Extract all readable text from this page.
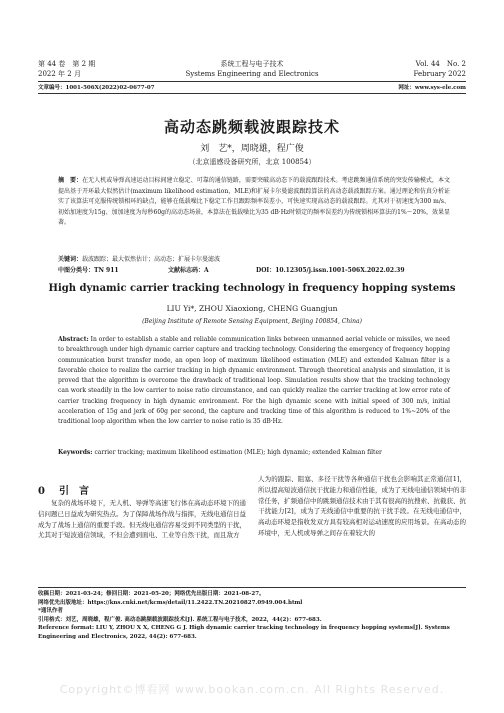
第 44 卷　第 2 期
2022 年 2 月
系统工程与电子技术
Systems Engineering and Electronics
Vol. 44　No. 2
February 2022
文章编号：1001-506X(2022)02-0677-07	网址：www.sys-ele.com
高动态跳频载波跟踪技术
刘　艺*，周晓雄，程广俊
（北京遥感设备研究所，北京 100854）
摘　要：在无人机或导弹高速运动目标间建立稳定、可靠的通信链路，需要突破高动态下的载波跟踪技术。考虑跳频通信系统的突发传输模式，本文提出基于开环最大似然估计(maximum likelihood estimation，MLE)和扩展卡尔曼滤波跟踪算法的高动态载波跟踪方案。通过理论和仿真分析证实了该算法可克服传统锁相环的缺点，能够在低载噪比下稳定工作且跟踪频率误差小，可快速实现高动态的载波跟踪。尤其对于初速度为300 m/s、初始加速度为15g、加加速度为每秒60g的高动态场景，本算法在低载噪比为35 dB·Hz时锁定的频率误差约为传统锁相环算法的1%～20%，效果显著。
关键词：载波跟踪；最大似然估计；高动态；扩展卡尔曼滤波
中图分类号：TN 911	文献标志码：A	DOI：10.12305/j.issn.1001-506X.2022.02.39
High dynamic carrier tracking technology in frequency hopping systems
LIU Yi*, ZHOU Xiaoxiong, CHENG Guangjun
(Beijing Institute of Remote Sensing Equipment, Beijing 100854, China)
Abstract: In order to establish a stable and reliable communication links between unmanned aerial vehicle or missiles, we need to breakthrough under high dynamic carrier capture and tracking technology. Considering the emergency of frequency hopping communication burst transfer mode, an open loop of maximum likelihood estimation (MLE) and extended Kalman filter is a favorable choice to realize the carrier tracking in high dynamic environment. Through theoretical analysis and simulation, it is proved that the algorithm is overcome the drawback of traditional loop. Simulation results show that the tracking technology can work steadily in the low carrier to noise ratio circumstance, and can quickly realize the carrier tracking at low error rate of carrier tracking frequency in high dynamic environment. For the high dynamic scene with initial speed of 300 m/s, initial acceleration of 15g and jerk of 60g per second, the capture and tracking time of this algorithm is reduced to 1%~20% of the traditional loop algorithm when the low carrier to noise ratio is 35 dB·Hz.
Keywords: carrier tracking; maximum likelihood estimation (MLE); high dynamic; extended Kalman filter
0 引　言
复杂的战场环境下，无人机、导弹等高速飞行体在高动态环境下的通信问题已日益成为研究热点。为了保障战场作战与指挥，无线电通信日益成为了战场上通信的重要手段。但无线电通信容易受到不同类型的干扰，尤其对于短波通信领域，不但会遭到面电、工业等自然干扰，而且敌方
人为的跟踪、阻塞、多径干扰等各种通信干扰也会影响其正常通信[1]，所以提高短波通信抗干扰能力和通信性能，成为了无线电通信领域中的非常任务，扩频通信中的跳频通信技术由于其有很高的抗搜索、抗截获、抗干扰能力[2]，成为了无线通信中重要的抗干扰手段。在无线电通信中，高动态环境是指收发双方具有较高相对运动速度的应用场景。在高动态的环境中，无人机或导弹之间存在着较大的
收稿日期：2021-03-24；修回日期：2021-05-20；网络优先出版日期：2021-08-27。
网络优先出版地址：https://kns.cnki.net/kcms/detail/11.2422.TN.20210827.0949.004.html
*通讯作者
引用格式：刘艺，周晓雄，程广俊. 高动态跳频载波跟踪技术[J]. 系统工程与电子技术，2022，44(2)：677-683.
Reference format: LIU Y, ZHOU X X, CHENG G J. High dynamic carrier tracking technology in frequency hopping systems[J]. Systems Engineering and Electronics, 2022, 44(2): 677-683.
Copyright©博看网 www.bookan.com.cn. All Rights Reserved.
